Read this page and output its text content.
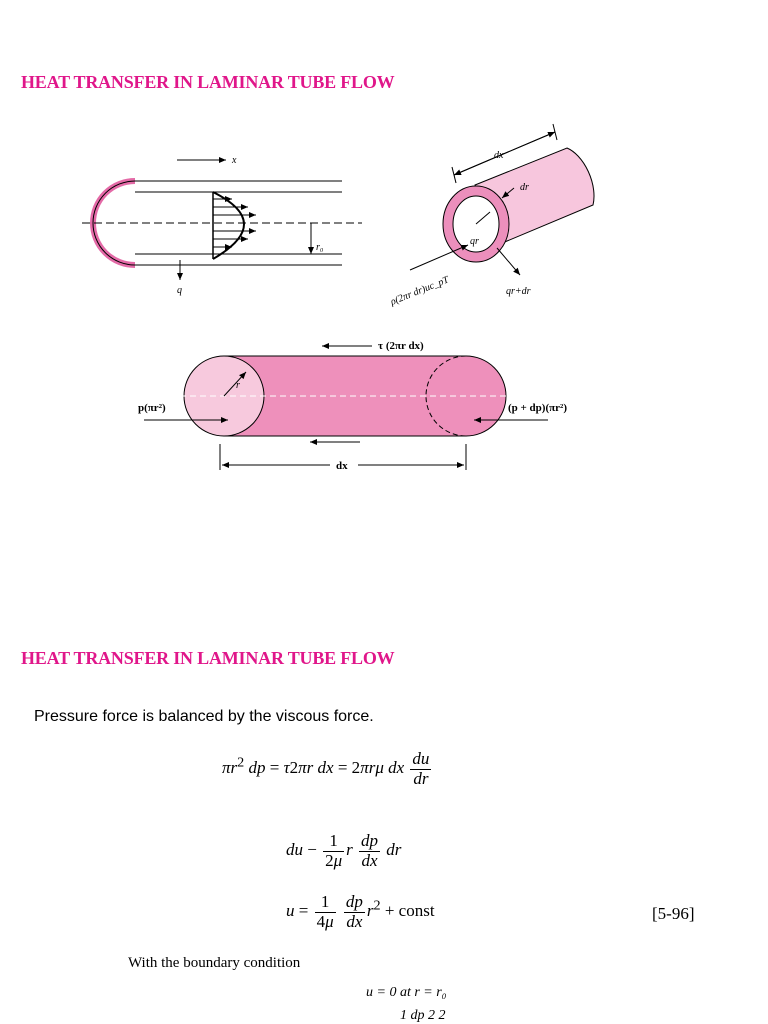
HEAT TRANSFER IN LAMINAR TUBE FLOW
x
r₀
q
dx
dr
qr
qr+dr
ρ(2πr dr)uc_pT
r
τ (2πr dx)
p(πr²)	(p + dp)(πr²)
dx
HEAT TRANSFER IN LAMINAR TUBE FLOW
Pressure force is balanced by the viscous force.
$\pi r^2$ dp = τ2πr dx = 2πrμ dx $\frac{du}{dr}$
du − $\frac{1}{2\mu}$ r $\frac{dp}{dx}$ dr
$u = \frac{1}{4\mu}$
$\frac{dp}{dx} r^2$ + const	[5-96]
With the boundary condition
u = 0 at r = r₀
1 dp 2 2
